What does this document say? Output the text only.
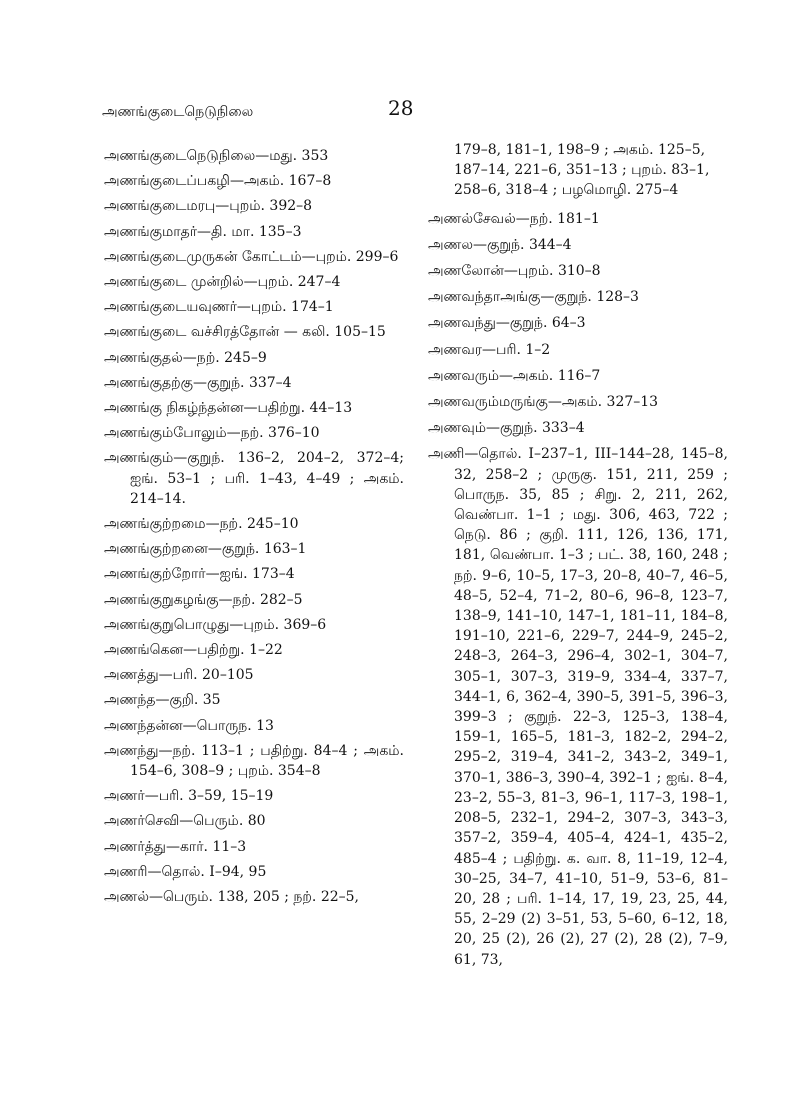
அணங்குடைநெடுநிலை	28
அணங்குடைநெடுநிலை—மது. 353
அணங்குடைப்பகழி—அகம். 167–8
அணங்குடைமரபு—புறம். 392–8
அணங்குமாதர்—தி. மா. 135–3
அணங்குடைமுருகன் கோட்டம்—புறம். 299–6
அணங்குடை முன்றில்—புறம். 247–4
அணங்குடையவுணர்—புறம். 174–1
அணங்குடை வச்சிரத்தோன் — கலி. 105–15
அணங்குதல்—நற். 245–9
அணங்குதற்கு—குறுந். 337–4
அணங்கு நிகழ்ந்தன்ன—பதிற்று. 44–13
அணங்கும்போலும்—நற். 376–10
அணங்கும்—குறுந். 136–2, 204–2, 372–4; ஐங். 53–1 ; பரி. 1–43, 4–49 ; அகம். 214–14.
அணங்குற்றமை—நற். 245–10
அணங்குற்றனை—குறுந். 163–1
அணங்குற்றோர்—ஐங். 173–4
அணங்குறுகழங்கு—நற். 282–5
அணங்குறுபொழுது—புறம். 369–6
அணங்கென—பதிற்று. 1–22
அணத்து—பரி. 20–105
அணந்த—குறி. 35
அணந்தன்ன—பொருந. 13
அணந்து—நற். 113–1 ; பதிற்று. 84–4 ; அகம். 154–6, 308–9 ; புறம். 354–8
அணர்—பரி. 3–59, 15–19
அணர்செவி—பெரும். 80
அணர்த்து—கார். 11–3
அணரி—தொல். I–94, 95
அணல்—பெரும். 138, 205 ; நற். 22–5,
179–8, 181–1, 198–9 ; அகம். 125–5, 187–14, 221–6, 351–13 ; புறம். 83–1, 258–6, 318–4 ; பழமொழி. 275–4
அணல்சேவல்—நற். 181–1
அணல—குறுந். 344–4
அணலோன்—புறம். 310–8
அணவந்தாஅங்கு—குறுந். 128–3
அணவந்து—குறுந். 64–3
அணவர—பரி. 1–2
அணவரும்—அகம். 116–7
அணவரும்மருங்கு—அகம். 327–13
அணவும்—குறுந். 333–4
அணி—தொல். I–237–1, III–144–28, 145–8, 32, 258–2 ; முருகு. 151, 211, 259 ; பொருந. 35, 85 ; சிறு. 2, 211, 262, வெண்பா. 1–1 ; மது. 306, 463, 722 ; நெடு. 86 ; குறி. 111, 126, 136, 171, 181, வெண்பா. 1–3 ; பட். 38, 160, 248 ; நற். 9–6, 10–5, 17–3, 20–8, 40–7, 46–5, 48–5, 52–4, 71–2, 80–6, 96–8, 123–7, 138–9, 141–10, 147–1, 181–11, 184–8, 191–10, 221–6, 229–7, 244–9, 245–2, 248–3, 264–3, 296–4, 302–1, 304–7, 305–1, 307–3, 319–9, 334–4, 337–7, 344–1, 6, 362–4, 390–5, 391–5, 396–3, 399–3 ; குறுந். 22–3, 125–3, 138–4, 159–1, 165–5, 181–3, 182–2, 294–2, 295–2, 319–4, 341–2, 343–2, 349–1, 370–1, 386–3, 390–4, 392–1 ; ஐங். 8–4, 23–2, 55–3, 81–3, 96–1, 117–3, 198–1, 208–5, 232–1, 294–2, 307–3, 343–3, 357–2, 359–4, 405–4, 424–1, 435–2, 485–4 ; பதிற்று. க. வா. 8, 11–19, 12–4, 30–25, 34–7, 41–10, 51–9, 53–6, 81–20, 28 ; பரி. 1–14, 17, 19, 23, 25, 44, 55, 2–29 (2) 3–51, 53, 5–60, 6–12, 18, 20, 25 (2), 26 (2), 27 (2), 28 (2), 7–9, 61, 73,
